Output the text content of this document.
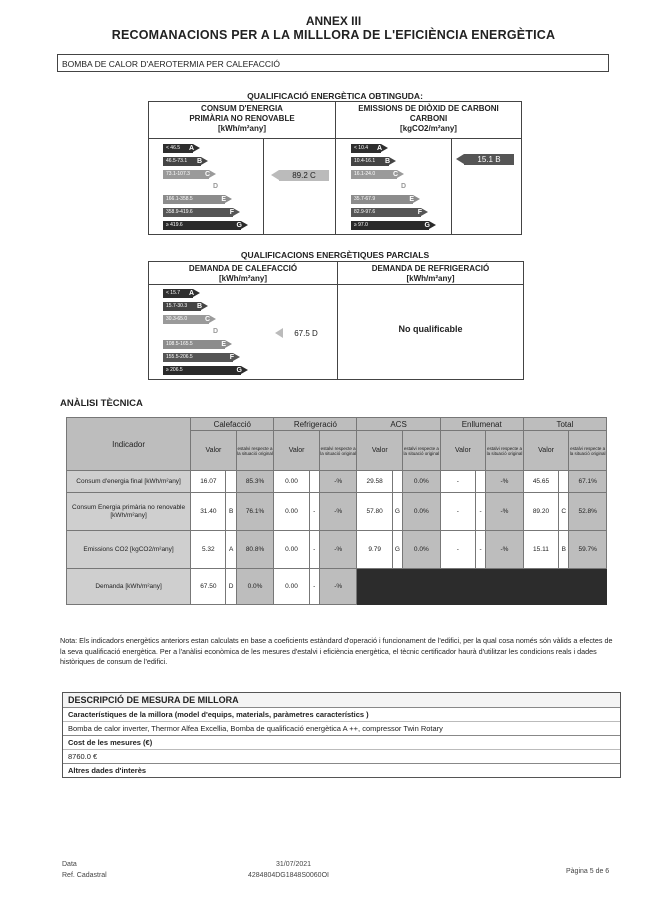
ANNEX III
RECOMANACIONS PER A LA MILLLORA DE L'EFICIÈNCIA ENERGÈTICA
BOMBA DE CALOR D'AEROTERMIA PER CALEFACCIÓ
QUALIFICACIÓ ENERGÈTICA OBTINGUDA:
CONSUM D'ENERGIA
PRIMÀRIA NO RENOVABLE
[kWh/m²any]
EMISSIONS DE DIÒXID DE CARBONI
CARBONI
[kgCO2/m²any]
< 46.5 A
46.5-73.1 B
73.1-107.3 C
D
166.1-358.5	E
358.9-419.6	F
≥ 419.6	G
< 10.4 A
10.4-16.1 B
16.1-24.0	C
D
35.7-67.9	E
82.9-97.6	F
≥ 97.0	G
89.2 C
15.1 B
QUALIFICACIONS ENERGÈTIQUES PARCIALS
DEMANDA DE CALEFACCIÓ
[kWh/m²any]
DEMANDA DE REFRIGERACIÓ
[kWh/m²any]
< 15.7 A
15.7-30.3 B
30.3-65.0	C
D
108.5-165.5	E
155.5-206.5	F
≥ 206.5	G
67.5 D	No qualificable
ANÀLISI TÈCNICA
Indicador	Calefacció			Refrigeració			ACS			Enllumenat			Total		
	Valor		estalvi respecte a la situació original	Valor		estalvi respecte a la situació original	Valor		estalvi respecte a la situació original	Valor		estalvi respecte a la situació original	Valor		estalvi respecte a la situació original
Consum d'energia final [kWh/m²any]	16.07		85.3%	0.00		-%	29.58		0.0%	-		-%	45.65		67.1%
Consum Energia primària no renovable [kWh/m²any]	31.40	B	76.1%	0.00	-	-%	57.80	G	0.0%	-	-	-%	89.20	C	52.8%
Emissions CO2 [kgCO2/m²any]	5.32	A	80.8%	0.00	-	-%	9.79	G	0.0%	-	-	-%	15.11	B	59.7%
Demanda [kWh/m²any]	67.50	D	0.0%	0.00	-	-%									
Nota: Els indicadors energètics anteriors estan calculats en base a coeficients estàndard d'operació i funcionament de l'edifici, per la qual cosa només són vàlids a efectes de la seva qualificació energètica. Per a l'anàlisi econòmica de les mesures d'estalvi i eficiència energètica, el tècnic certificador haurà d'utilitzar les condicions reals i dades històriques de consum de l'edifici.
DESCRIPCIÓ DE MESURA DE MILLORA
Característiques de la millora (model d'equips, materials, paràmetres característics )
Bomba de calor inverter, Thermor Alfea Excellia, Bomba de qualificació energètica A ++, compressor Twin Rotary
Cost de les mesures (€)
8760.0 €
Altres dades d'interès
Data
Ref. Cadastral
31/07/2021
4284804DG1848S0060OI
Pàgina 5 de 6
